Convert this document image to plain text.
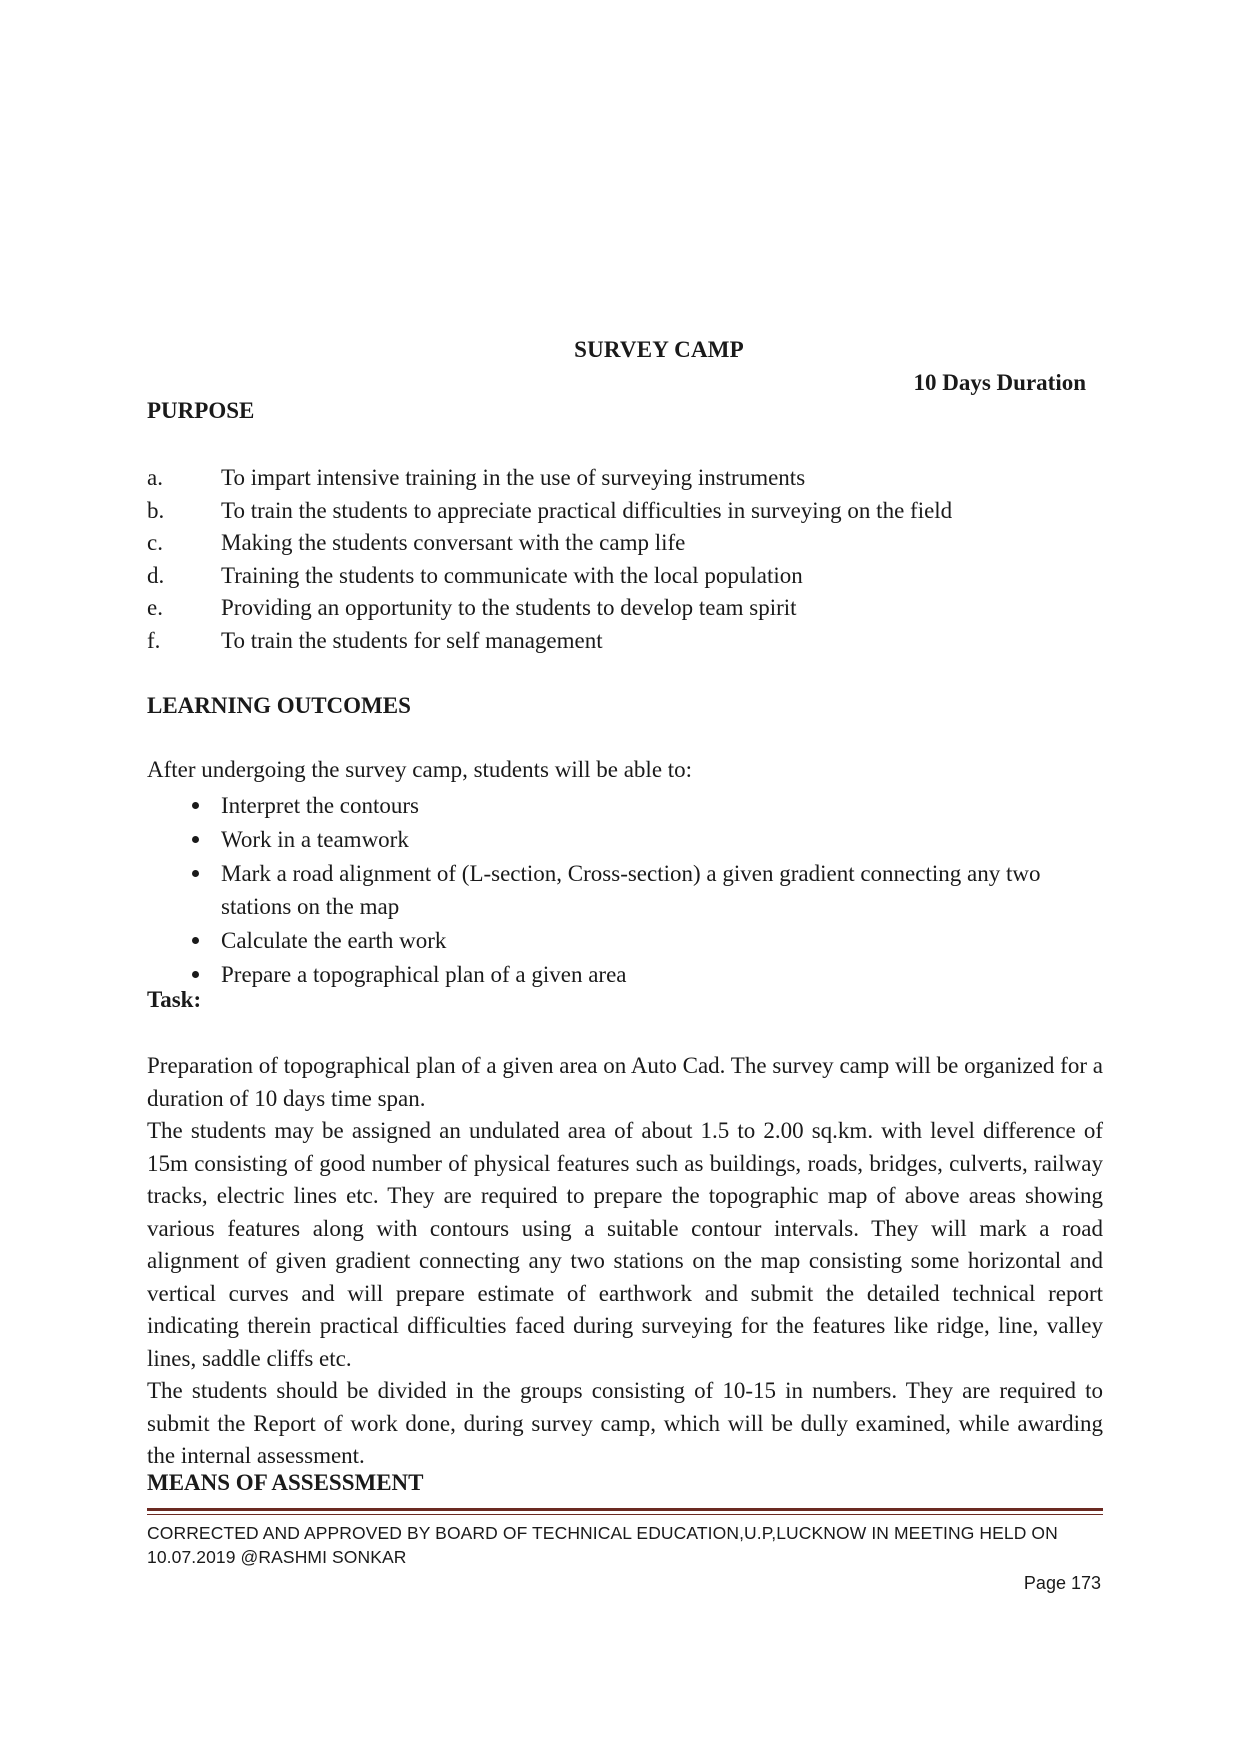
SURVEY CAMP
10 Days Duration
PURPOSE
a.	To impart intensive training in the use of surveying instruments
b.	To train the students to appreciate practical difficulties in surveying on the field
c.	Making the students conversant with the camp life
d.	Training the students to communicate with the local population
e.	Providing an opportunity to the students to develop team spirit
f.	To train the students for self management
LEARNING OUTCOMES
After undergoing the survey camp, students will be able to:
Interpret the contours
Work in a teamwork
Mark a road alignment of (L-section, Cross-section) a given gradient connecting any two stations on the map
Calculate the earth work
Prepare a topographical plan of a given area
Task:
Preparation of topographical plan of a given area on Auto Cad. The survey camp will be organized for a duration of 10 days time span.
The students may be assigned an undulated area of about 1.5 to 2.00 sq.km. with level difference of 15m consisting of good number of physical features such as buildings, roads, bridges, culverts, railway tracks, electric lines etc. They are required to prepare the topographic map of above areas showing various features along with contours using a suitable contour intervals. They will mark a road alignment of given gradient connecting any two stations on the map consisting some horizontal and vertical curves and will prepare estimate of earthwork and submit the detailed technical report indicating therein practical difficulties faced during surveying for the features like ridge, line, valley lines, saddle cliffs etc.
The students should be divided in the groups consisting of 10-15 in numbers. They are required to submit the Report of work done, during survey camp, which will be dully examined, while awarding the internal assessment.
MEANS OF ASSESSMENT
CORRECTED AND APPROVED BY BOARD OF TECHNICAL EDUCATION,U.P,LUCKNOW IN MEETING HELD ON 10.07.2019 @RASHMI SONKAR
Page 173
